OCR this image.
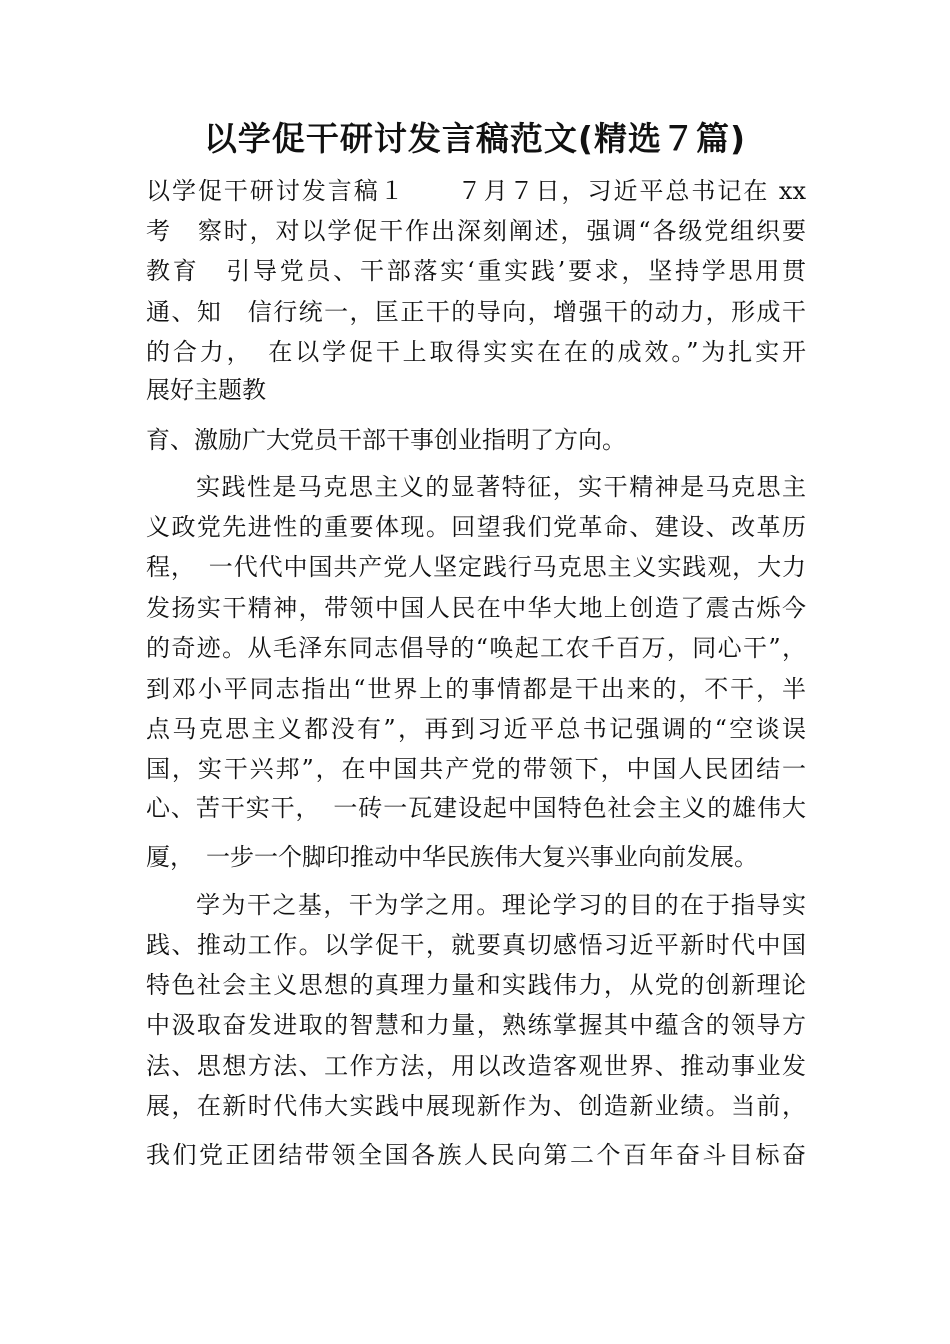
以学促干研讨发言稿范文(精选７篇)
以学促干研讨发言稿１　　７月７日，习近平总书记在 xx
考　察时，对以学促干作出深刻阐述，强调“各级党组织要
教育　引导党员、干部落实‘重实践’要求，坚持学思用贯
通、知　信行统一，匡正干的导向，增强干的动力，形成干
的合力，　在以学促干上取得实实在在的成效。”为扎实开
展好主题教
育、激励广大党员干部干事创业指明了方向。
实践性是马克思主义的显著特征，实干精神是马克思主
义政党先进性的重要体现。回望我们党革命、建设、改革历
程，　一代代中国共产党人坚定践行马克思主义实践观，大力
发扬实干精神，带领中国人民在中华大地上创造了震古烁今
的奇迹。从毛泽东同志倡导的“唤起工农千百万，同心干”，
到邓小平同志指出“世界上的事情都是干出来的，不干，半
点马克思主义都没有”，再到习近平总书记强调的“空谈误
国，实干兴邦”，在中国共产党的带领下，中国人民团结一
心、苦干实干，　一砖一瓦建设起中国特色社会主义的雄伟大
厦，　一步一个脚印推动中华民族伟大复兴事业向前发展。
学为干之基，干为学之用。理论学习的目的在于指导实
践、推动工作。以学促干，就要真切感悟习近平新时代中国
特色社会主义思想的真理力量和实践伟力，从党的创新理论
中汲取奋发进取的智慧和力量，熟练掌握其中蕴含的领导方
法、思想方法、工作方法，用以改造客观世界、推动事业发
展，在新时代伟大实践中展现新作为、创造新业绩。当前，
我们党正团结带领全国各族人民向第二个百年奋斗目标奋
